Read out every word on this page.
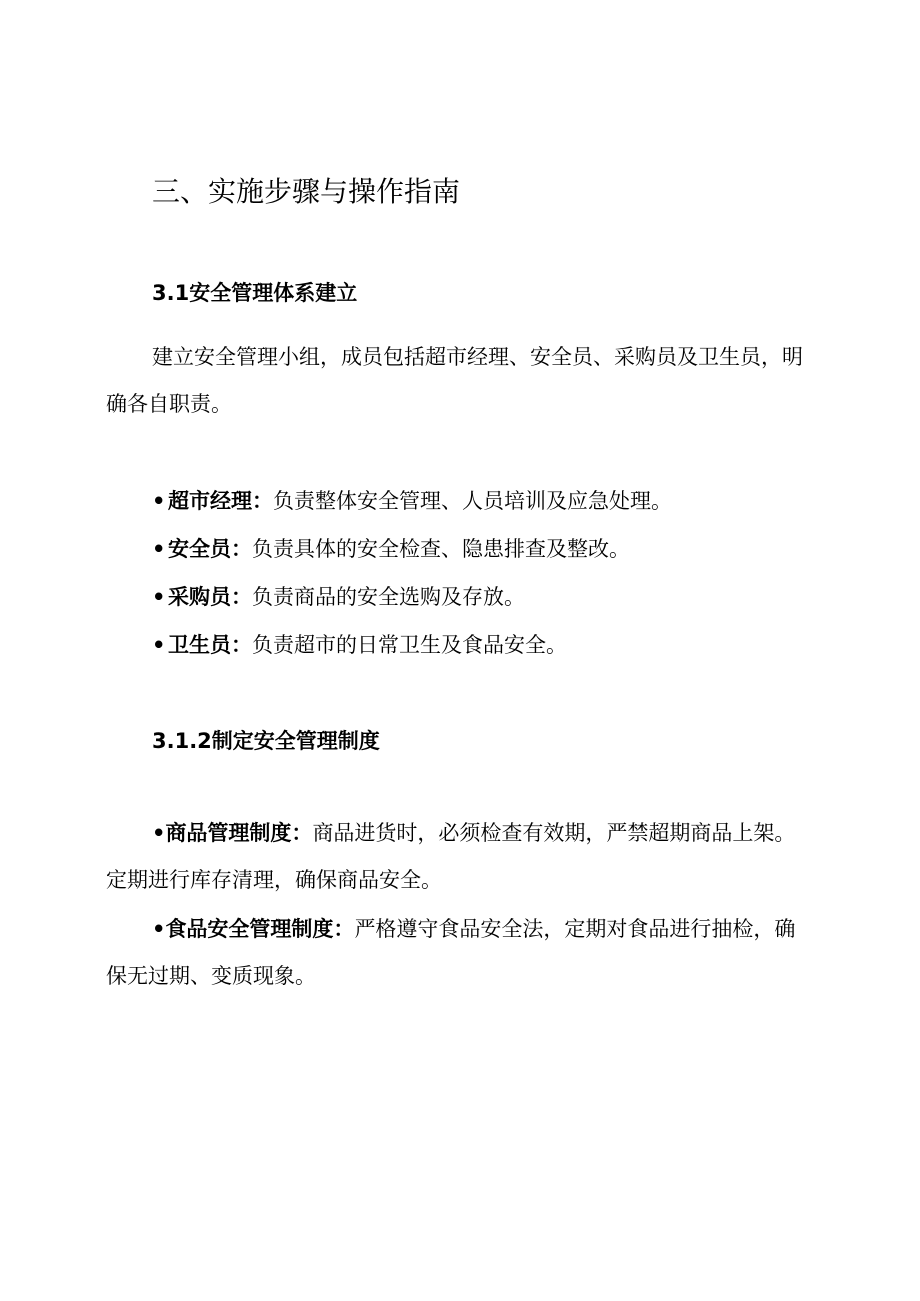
三、实施步骤与操作指南
3.1安全管理体系建立

建立安全管理小组，成员包括超市经理、安全员、采购员及卫生员，明确各自职责。

• 超市经理：负责整体安全管理、人员培训及应急处理。
• 安全员：负责具体的安全检查、隐患排查及整改。
• 采购员：负责商品的安全选购及存放。
• 卫生员：负责超市的日常卫生及食品安全。
3.1.2制定安全管理制度

•商品管理制度：商品进货时，必须检查有效期，严禁超期商品上架。定期进行库存清理，确保商品安全。

•食品安全管理制度：严格遵守食品安全法，定期对食品进行抽检，确保无过期、变质现象。
